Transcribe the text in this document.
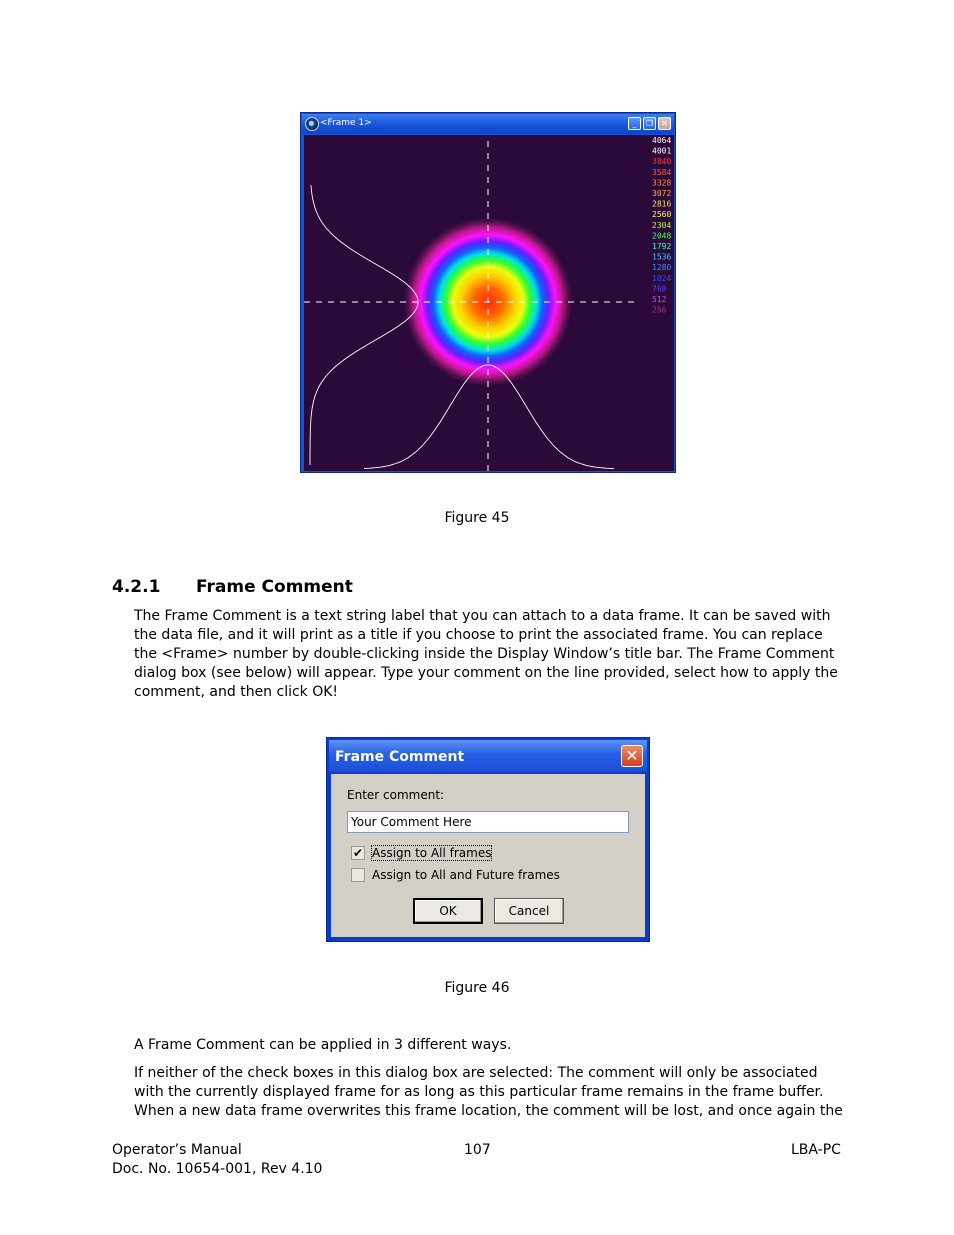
<Frame 1>	_	❐	✕
4064
4001
3840
3584
3328
3072
2816
2560
2304
2048
1792
1536
1280
1024
768
512
256
Figure 45
4.2.1 Frame Comment
The Frame Comment is a text string label that you can attach to a data frame. It can be saved with
the data file, and it will print as a title if you choose to print the associated frame. You can replace
the <Frame> number by double-clicking inside the Display Window’s title bar. The Frame Comment
dialog box (see below) will appear. Type your comment on the line provided, select how to apply the
comment, and then click OK!
Frame Comment	✕
Enter comment:
Your Comment Here
✔ Assign to All frames
Assign to All and Future frames
OK	Cancel
Figure 46
A Frame Comment can be applied in 3 different ways.
If neither of the check boxes in this dialog box are selected: The comment will only be associated
with the currently displayed frame for as long as this particular frame remains in the frame buffer.
When a new data frame overwrites this frame location, the comment will be lost, and once again the
Operator’s Manual
Doc. No. 10654-001, Rev 4.10
107	LBA-PC
